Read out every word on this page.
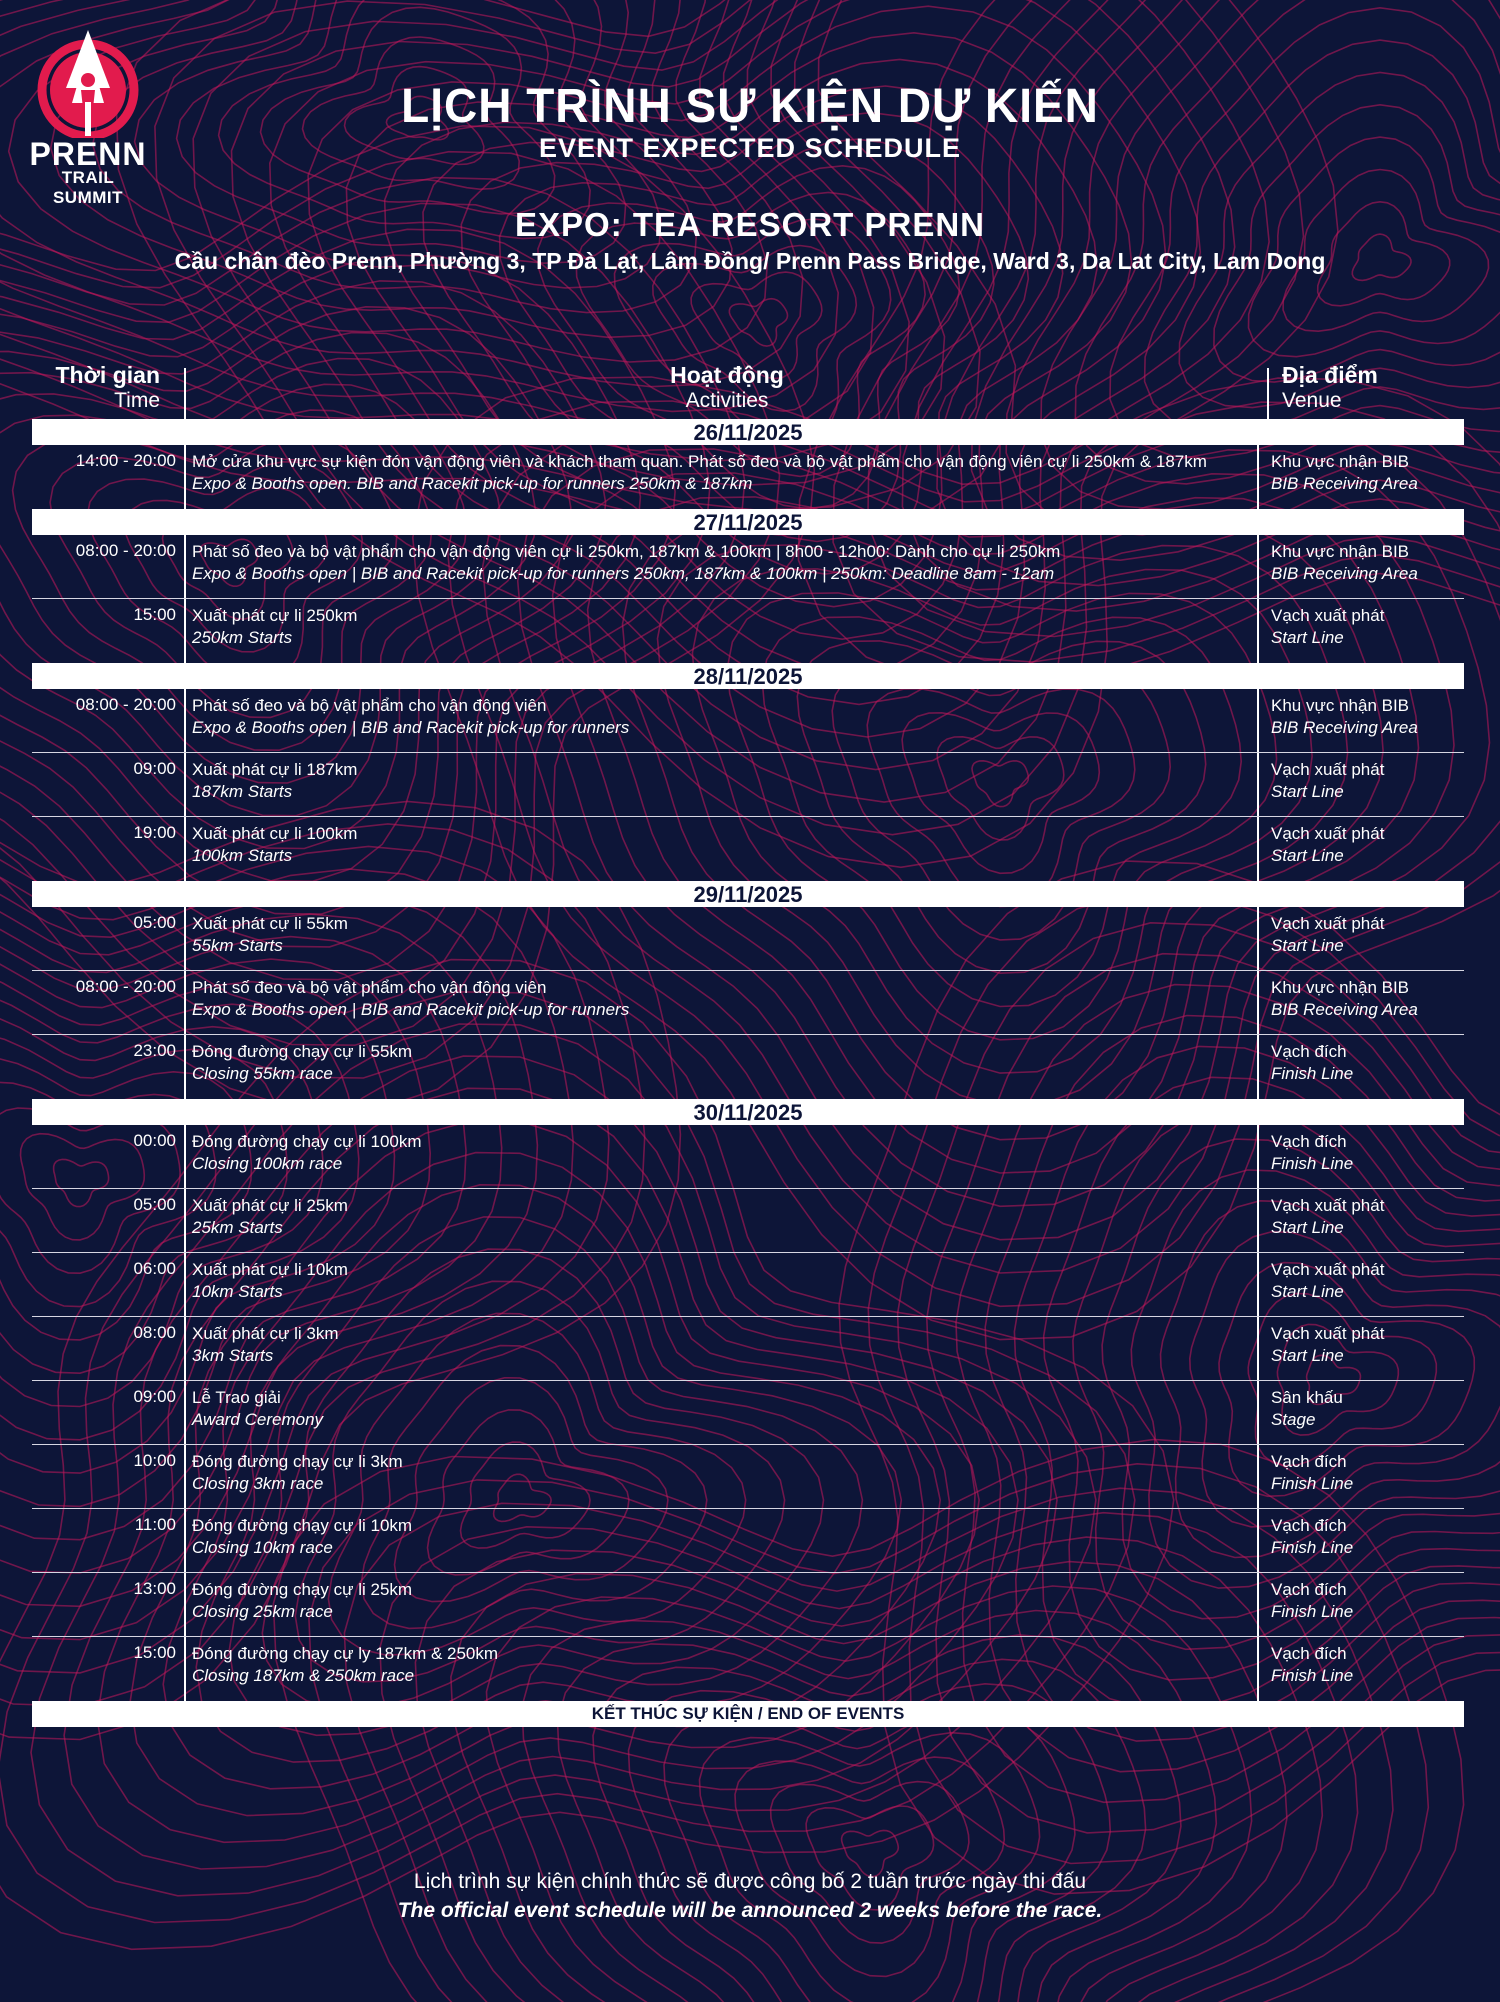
PRENN
TRAIL SUMMIT
LỊCH TRÌNH SỰ KIỆN DỰ KIẾN
EVENT EXPECTED SCHEDULE
EXPO: TEA RESORT PRENN
Cầu chân đèo Prenn, Phường 3, TP Đà Lạt, Lâm Đồng/ Prenn Pass Bridge, Ward 3, Da Lat City, Lam Dong
Thời gian
Time
Hoạt động
Activities
Địa điểm
Venue
26/11/2025
14:00 - 20:00 Mở cửa khu vực sự kiện đón vận động viên và khách tham quan. Phát số đeo và bộ vật phẩm cho vận động viên cự li 250km & 187km
Expo & Booths open. BIB and Racekit pick-up for runners 250km & 187km
Khu vực nhận BIB
BIB Receiving Area
27/11/2025
08:00 - 20:00 Phát số đeo và bộ vật phẩm cho vận động viên cự li 250km, 187km & 100km | 8h00 - 12h00: Dành cho cự li 250km
Expo & Booths open | BIB and Racekit pick-up for runners 250km, 187km & 100km | 250km: Deadline 8am - 12am
Khu vực nhận BIB
BIB Receiving Area
15:00 Xuất phát cự li 250km
250km Starts
Vạch xuất phát
Start Line
28/11/2025
08:00 - 20:00 Phát số đeo và bộ vật phẩm cho vận động viên
Expo & Booths open | BIB and Racekit pick-up for runners
Khu vực nhận BIB
BIB Receiving Area
09:00 Xuất phát cự li 187km
187km Starts
Vạch xuất phát
Start Line
19:00 Xuất phát cự li 100km
100km Starts
Vạch xuất phát
Start Line
29/11/2025
05:00 Xuất phát cự li 55km
55km Starts
Vạch xuất phát
Start Line
08:00 - 20:00 Phát số đeo và bộ vật phẩm cho vận động viên
Expo & Booths open | BIB and Racekit pick-up for runners
Khu vực nhận BIB
BIB Receiving Area
23:00 Đóng đường chạy cự li 55km
Closing 55km race
Vạch đích
Finish Line
30/11/2025
00:00 Đóng đường chạy cự li 100km
Closing 100km race
Vạch đích
Finish Line
05:00 Xuất phát cự li 25km
25km Starts
Vạch xuất phát
Start Line
06:00 Xuất phát cự li 10km
10km Starts
Vạch xuất phát
Start Line
08:00 Xuất phát cự li 3km
3km Starts
Vạch xuất phát
Start Line
09:00 Lễ Trao giải
Award Ceremony
Sân khấu
Stage
10:00 Đóng đường chạy cự li 3km
Closing 3km race
Vạch đích
Finish Line
11:00 Đóng đường chạy cự li 10km
Closing 10km race
Vạch đích
Finish Line
13:00 Đóng đường chạy cự li 25km
Closing 25km race
Vạch đích
Finish Line
15:00 Đóng đường chạy cự ly 187km & 250km
Closing 187km & 250km race
Vạch đích
Finish Line
KẾT THÚC SỰ KIỆN / END OF EVENTS
Lịch trình sự kiện chính thức sẽ được công bố 2 tuần trước ngày thi đấu
The official event schedule will be announced 2 weeks before the race.
